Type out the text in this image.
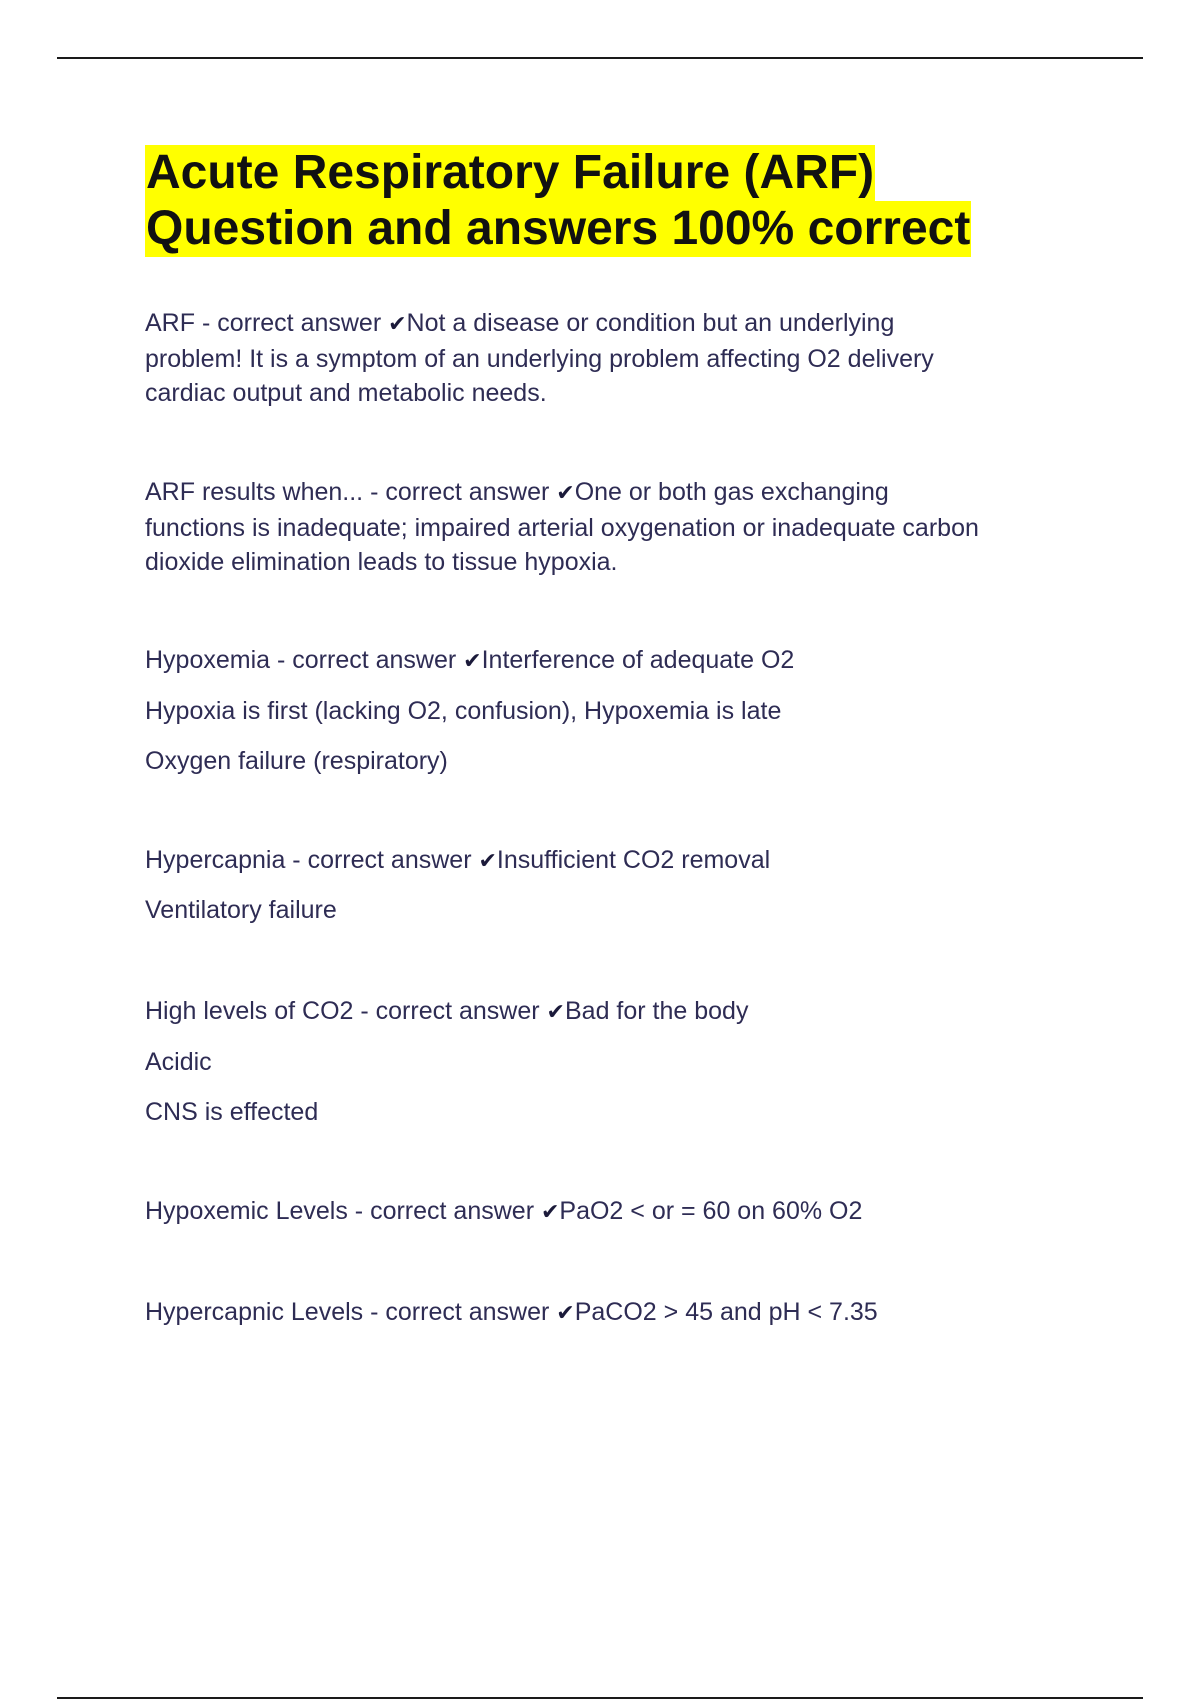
Acute Respiratory Failure (ARF)
Question and answers 100% correct
ARF - correct answer ✔Not a disease or condition but an underlying
problem! It is a symptom of an underlying problem affecting O2 delivery
cardiac output and metabolic needs.
ARF results when... - correct answer ✔One or both gas exchanging
functions is inadequate; impaired arterial oxygenation or inadequate carbon
dioxide elimination leads to tissue hypoxia.
Hypoxemia - correct answer ✔Interference of adequate O2
Hypoxia is first (lacking O2, confusion), Hypoxemia is late
Oxygen failure (respiratory)
Hypercapnia - correct answer ✔Insufficient CO2 removal
Ventilatory failure
High levels of CO2 - correct answer ✔Bad for the body
Acidic
CNS is effected
Hypoxemic Levels - correct answer ✔PaO2 < or = 60 on 60% O2
Hypercapnic Levels - correct answer ✔PaCO2 > 45 and pH < 7.35
